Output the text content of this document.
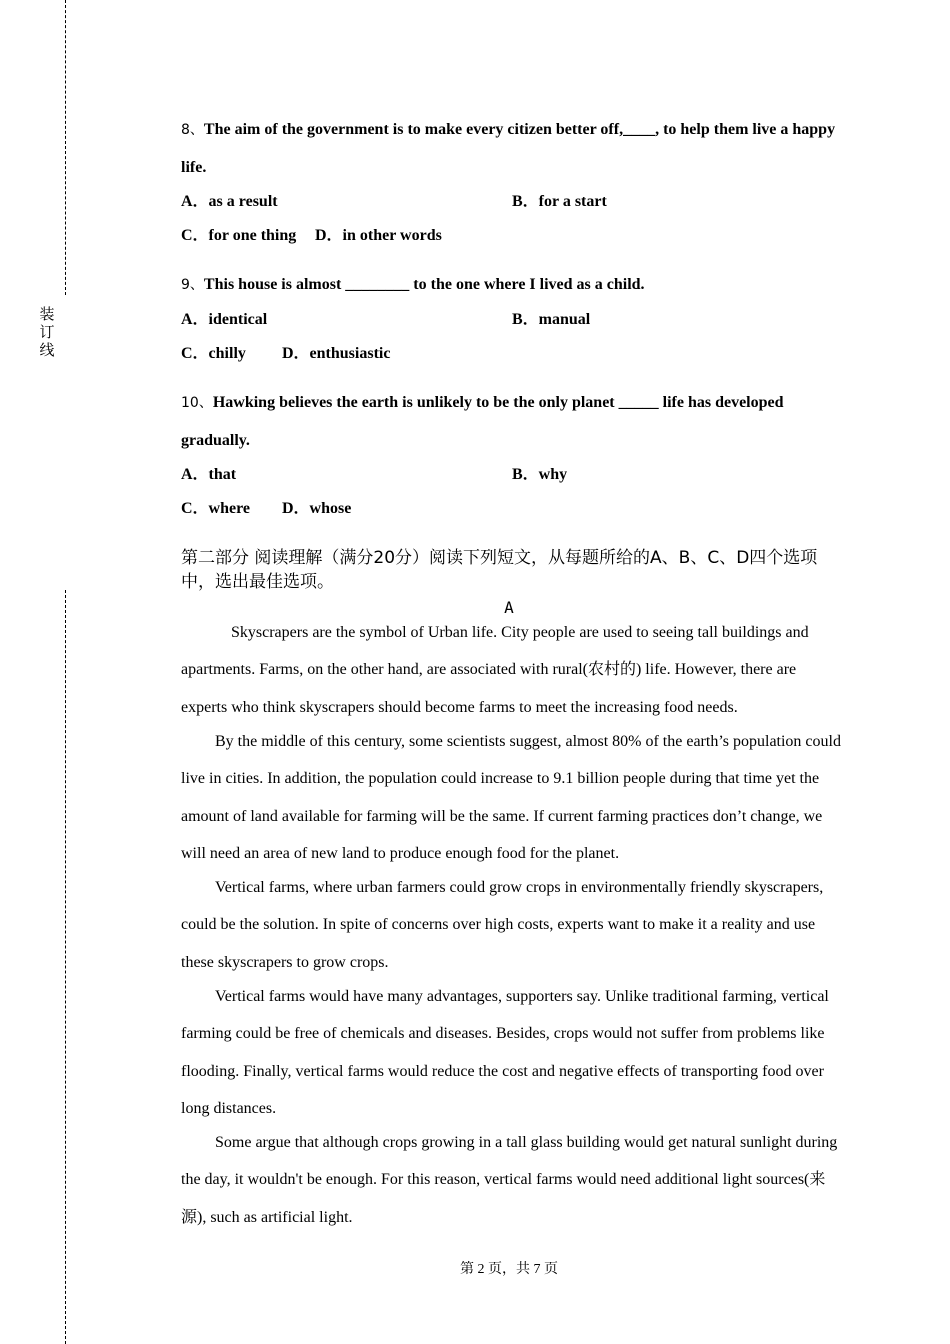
装订线
8、The aim of the government is to make every citizen better off,____, to help them live a happy life.
A．as a result	B．for a start
C．for one thing D．in other words
9、This house is almost ________ to the one where I lived as a child.
A．identical	B．manual
C．chilly D．enthusiastic
10、Hawking believes the earth is unlikely to be the only planet _____ life has developed gradually.
A．that	B．why
C．where D．whose
第二部分 阅读理解（满分20分）阅读下列短文，从每题所给的A、B、C、D四个选项中，选出最佳选项。
A
Skyscrapers are the symbol of Urban life. City people are used to seeing tall buildings and apartments. Farms, on the other hand, are associated with rural(农村的) life. However, there are experts who think skyscrapers should become farms to meet the increasing food needs.
By the middle of this century, some scientists suggest, almost 80% of the earth’s population could live in cities. In addition, the population could increase to 9.1 billion people during that time yet the amount of land available for farming will be the same. If current farming practices don’t change, we will need an area of new land to produce enough food for the planet.
Vertical farms, where urban farmers could grow crops in environmentally friendly skyscrapers, could be the solution. In spite of concerns over high costs, experts want to make it a reality and use these skyscrapers to grow crops.
Vertical farms would have many advantages, supporters say. Unlike traditional farming, vertical farming could be free of chemicals and diseases. Besides, crops would not suffer from problems like flooding. Finally, vertical farms would reduce the cost and negative effects of transporting food over long distances.
Some argue that although crops growing in a tall glass building would get natural sunlight during the day, it wouldn't be enough. For this reason, vertical farms would need additional light sources(来源), such as artificial light.
第 2 页，共 7 页
